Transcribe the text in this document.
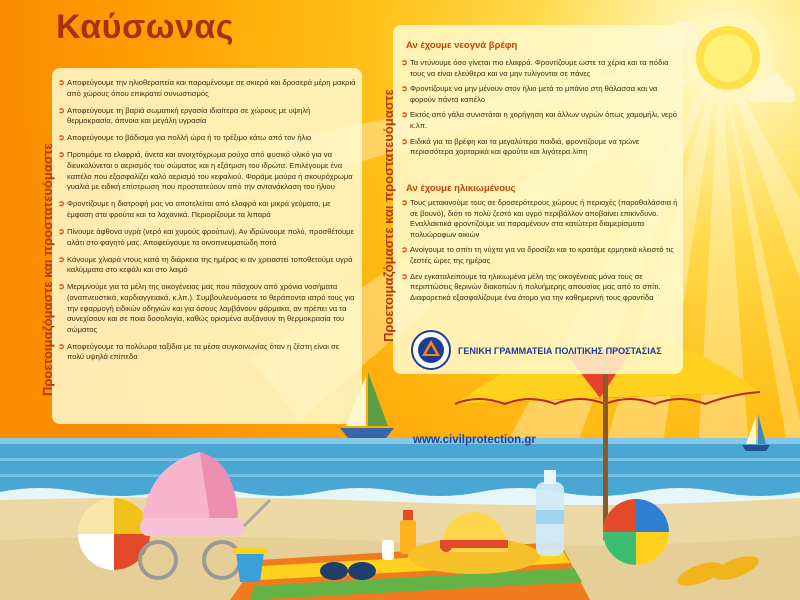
Καύσωνας
Προετοιμαζόμαστε και προστατευόμαστε	Προετοιμαζόμαστε και προστατευόμαστε
➲ Αποφεύγουμε την ηλιοθεραπεία και παραμένουμε σε σκιερά και δροσερά μέρη μακριά από χώρους όπου επικρατεί συνωστισμός
➲ Αποφεύγουμε τη βαριά σωματική εργασία ιδιαίτερα σε χώρους με υψηλή θερμοκρασία, άπνοια και μεγάλη υγρασία
➲ Αποφεύγουμε το βάδισμα για πολλή ώρα ή το τρέξιμο κάτω από τον ήλιο
➲ Προτιμάμε τα ελαφριά, άνετα και ανοιχτόχρωμα ρούχα από φυσικό υλικό για να διευκολύνεται ο αερισμός του σώματος και η εξάτμιση του ιδρώτα. Επιλέγουμε ένα καπέλο που εξασφαλίζει καλό αερισμό του κεφαλιού. Φοράμε μαύρα ή σκουρόχρωμα γυαλιά με ειδική επίστρωση που προστατεύουν από την αντανάκλαση του ήλιου
➲ Φροντίζουμε η διατροφή μας να αποτελείται από ελαφρά και μικρά γεύματα, με έμφαση στα φρούτα και τα λαχανικά. Περιορίζουμε τα λιπαρά
➲ Πίνουμε άφθονα υγρά (νερό και χυμούς φρούτων). Αν ιδρώνουμε πολύ, προσθέτουμε αλάτι στο φαγητό μας. Αποφεύγουμε τα οινοπνευματώδη ποτά
➲ Κάνουμε χλιαρά ντους κατά τη διάρκεια της ημέρας κι αν χρειαστεί τοποθετούμε υγρά καλύμματα στο κεφάλι και στο λαιμό
➲ Μεριμνούμε για τα μέλη της οικογένειας μας που πάσχουν από χρόνια νοσήματα (αναπνευστικά, καρδιαγγειακά, κ.λπ.). Συμβουλευόμαστε το θεράποντα ιατρό τους για την εφαρμογή ειδικών οδηγιών και για όσους λαμβάνουν φάρμακα, αν πρέπει να τα συνεχίσουν και σε ποια δοσολογία, καθώς ορισμένα αυξάνουν τη θερμοκρασία του σώματος
➲ Αποφεύγουμε τα πολύωρα ταξίδια με τα μέσα συγκοινωνίας όταν η ζέστη είναι σε πολύ υψηλά επίπεδα
Αν έχουμε νεογνά βρέφη
➲ Τα ντύνουμε όσο γίνεται πιο ελαφρά. Φροντίζουμε ώστε τα χέρια και τα πόδια τους να είναι ελεύθερα και να μην τυλίγονται σε πάνες
➲ Φροντίζουμε να μην μένουν στον ήλιο μετά το μπάνιο στη θάλασσα και να φορούν πάντα καπέλο
➲ Εκτός από γάλα συνιστάται η χορήγηση και άλλων υγρών όπως χαμομήλι, νερό κ.λπ.
➲ Ειδικά για τα βρέφη και τα μεγαλύτερα παιδιά, φροντίζουμε να τρώνε περισσότερα χορταρικά και φρούτα και λιγότερα λίπη
Αν έχουμε ηλικιωμένους
➲ Τους μετακινούμε τους σε δροσερότερους χώρους ή περιοχές (παραθαλάσσια ή σε βουνό), διότι το πολύ ζεστό και υγρό περιβάλλον αποβαίνει επικίνδυνο. Εναλλακτικά φροντίζουμε να παραμένουν στα κατώτερα διαμερίσματα πολυώροφων οικιών
➲ Ανοίγουμε το σπίτι τη νύχτα για να δροσίζει και το κρατάμε ερμητικά κλειστό τις ζεστές ώρες της ημέρας
➲ Δεν εγκαταλείπουμε τα ηλικιωμένα μέλη της οικογένειας μόνα τους σε περιπτώσεις θερινών διακοπών ή πολυήμερης απουσίας μας από το σπίτι. Διαφορετικά εξασφαλίζουμε ένα άτομο για την καθημερινή τους φροντίδα
ΓΕΝΙΚΗ ΓΡΑΜΜΑΤΕΙΑ ΠΟΛΙΤΙΚΗΣ ΠΡΟΣΤΑΣΙΑΣ
www.civilprotection.gr
